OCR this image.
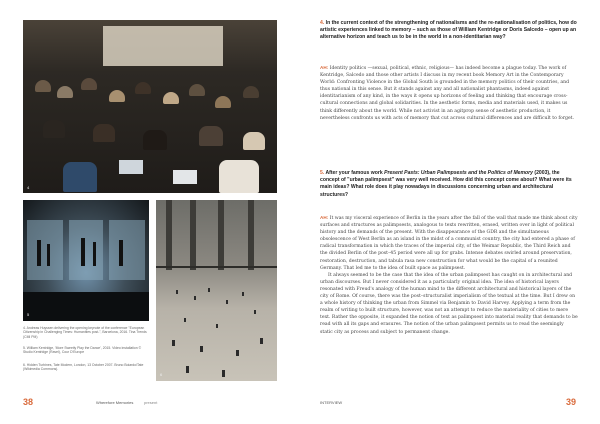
4
5
6
4. Andreas Huyssen delivering the opening keynote of the conference "European Citizenship in Challenging Times: Humanities post-", Barcelona, 2016. Tina Trends (CMI PM)
5. William Kentridge, 'More Sweetly Play the Dance', 2015. Video installation © Studio Kentridge (Ravel), Cour D'Europe
6. Hidden Turbines, Tate Modern, London, 13 October 2007. Bruno Boiardo/Tate (Wikimedia Commons).

4. In the current context of the strengthening of nationalisms and the re-nationalisation of politics, how do artistic experiences linked to memory – such as those of William Kentridge or Doris Salcedo – open up an alternative horizon and teach us to be in the world in a non-identitarian way?

AH: Identity politics —sexual, political, ethnic, religious— has indeed become a plague today. The work of Kentridge, Salcedo and those other artists I discuss in my recent book Memory Art in the Contemporary World: Confronting Violence in the Global South is grounded in the memory politics of their countries, and thus national in this sense. But it stands against any and all nationalist phantasms, indeed against identitarianism of any kind, in the ways it opens up horizons of feeling and thinking that encourage cross-cultural connections and global solidarities. In the aesthetic forms, media and materials used, it makes us think differently about the world. While not activist in an agitprop sense of aesthetic production, it nevertheless confronts us with acts of memory that cut across cultural differences and are difficult to forget.

5. After your famous work Present Pasts: Urban Palimpsests and the Politics of Memory (2003), the concept of "urban palimpsest" was very well received. How did this concept come about? What were its main ideas? What role does it play nowadays in discussions concerning urban and architectural structures?

AH: It was my visceral experience of Berlin in the years after the fall of the wall that made me think about city surfaces and structures as palimpsests, analogous to texts rewritten, erased, written over in light of political history and the demands of the present. With the disappearance of the GDR and the simultaneous obsolescence of West Berlin as an island in the midst of a communist country, the city had entered a phase of radical transformation in which the traces of the imperial city, of the Weimar Republic, the Third Reich and the divided Berlin of the post–45 period were all up for grabs. Intense debates swirled around preservation, restoration, destruction, and tabula rasa new construction for what would be the capital of a reunited Germany. That led me to the idea of built space as palimpsest.

It always seemed to be the case that the idea of the urban palimpsest has caught on in architectural and urban discourses. But I never considered it as a particularly original idea. The idea of historical layers resonated with Freud's analogy of the human mind to the different architectural and historical layers of the city of Rome. Of course, there was the post–structuralist imperialism of the textual at the time. But I drew on a whole history of thinking the urban from Simmel via Benjamin to David Harvey. Applying a term from the realm of writing to built structure, however, was not an attempt to reduce the materiality of cities to mere text. Rather the opposite, it expanded the notion of text as palimpsest into material reality that demands to be read with all its gaps and erasures. The notion of the urban palimpsest permits us to read the seemingly static city as process and subject to permanent change.

38	Wherefore Memories	present	INTERVIEW	39
